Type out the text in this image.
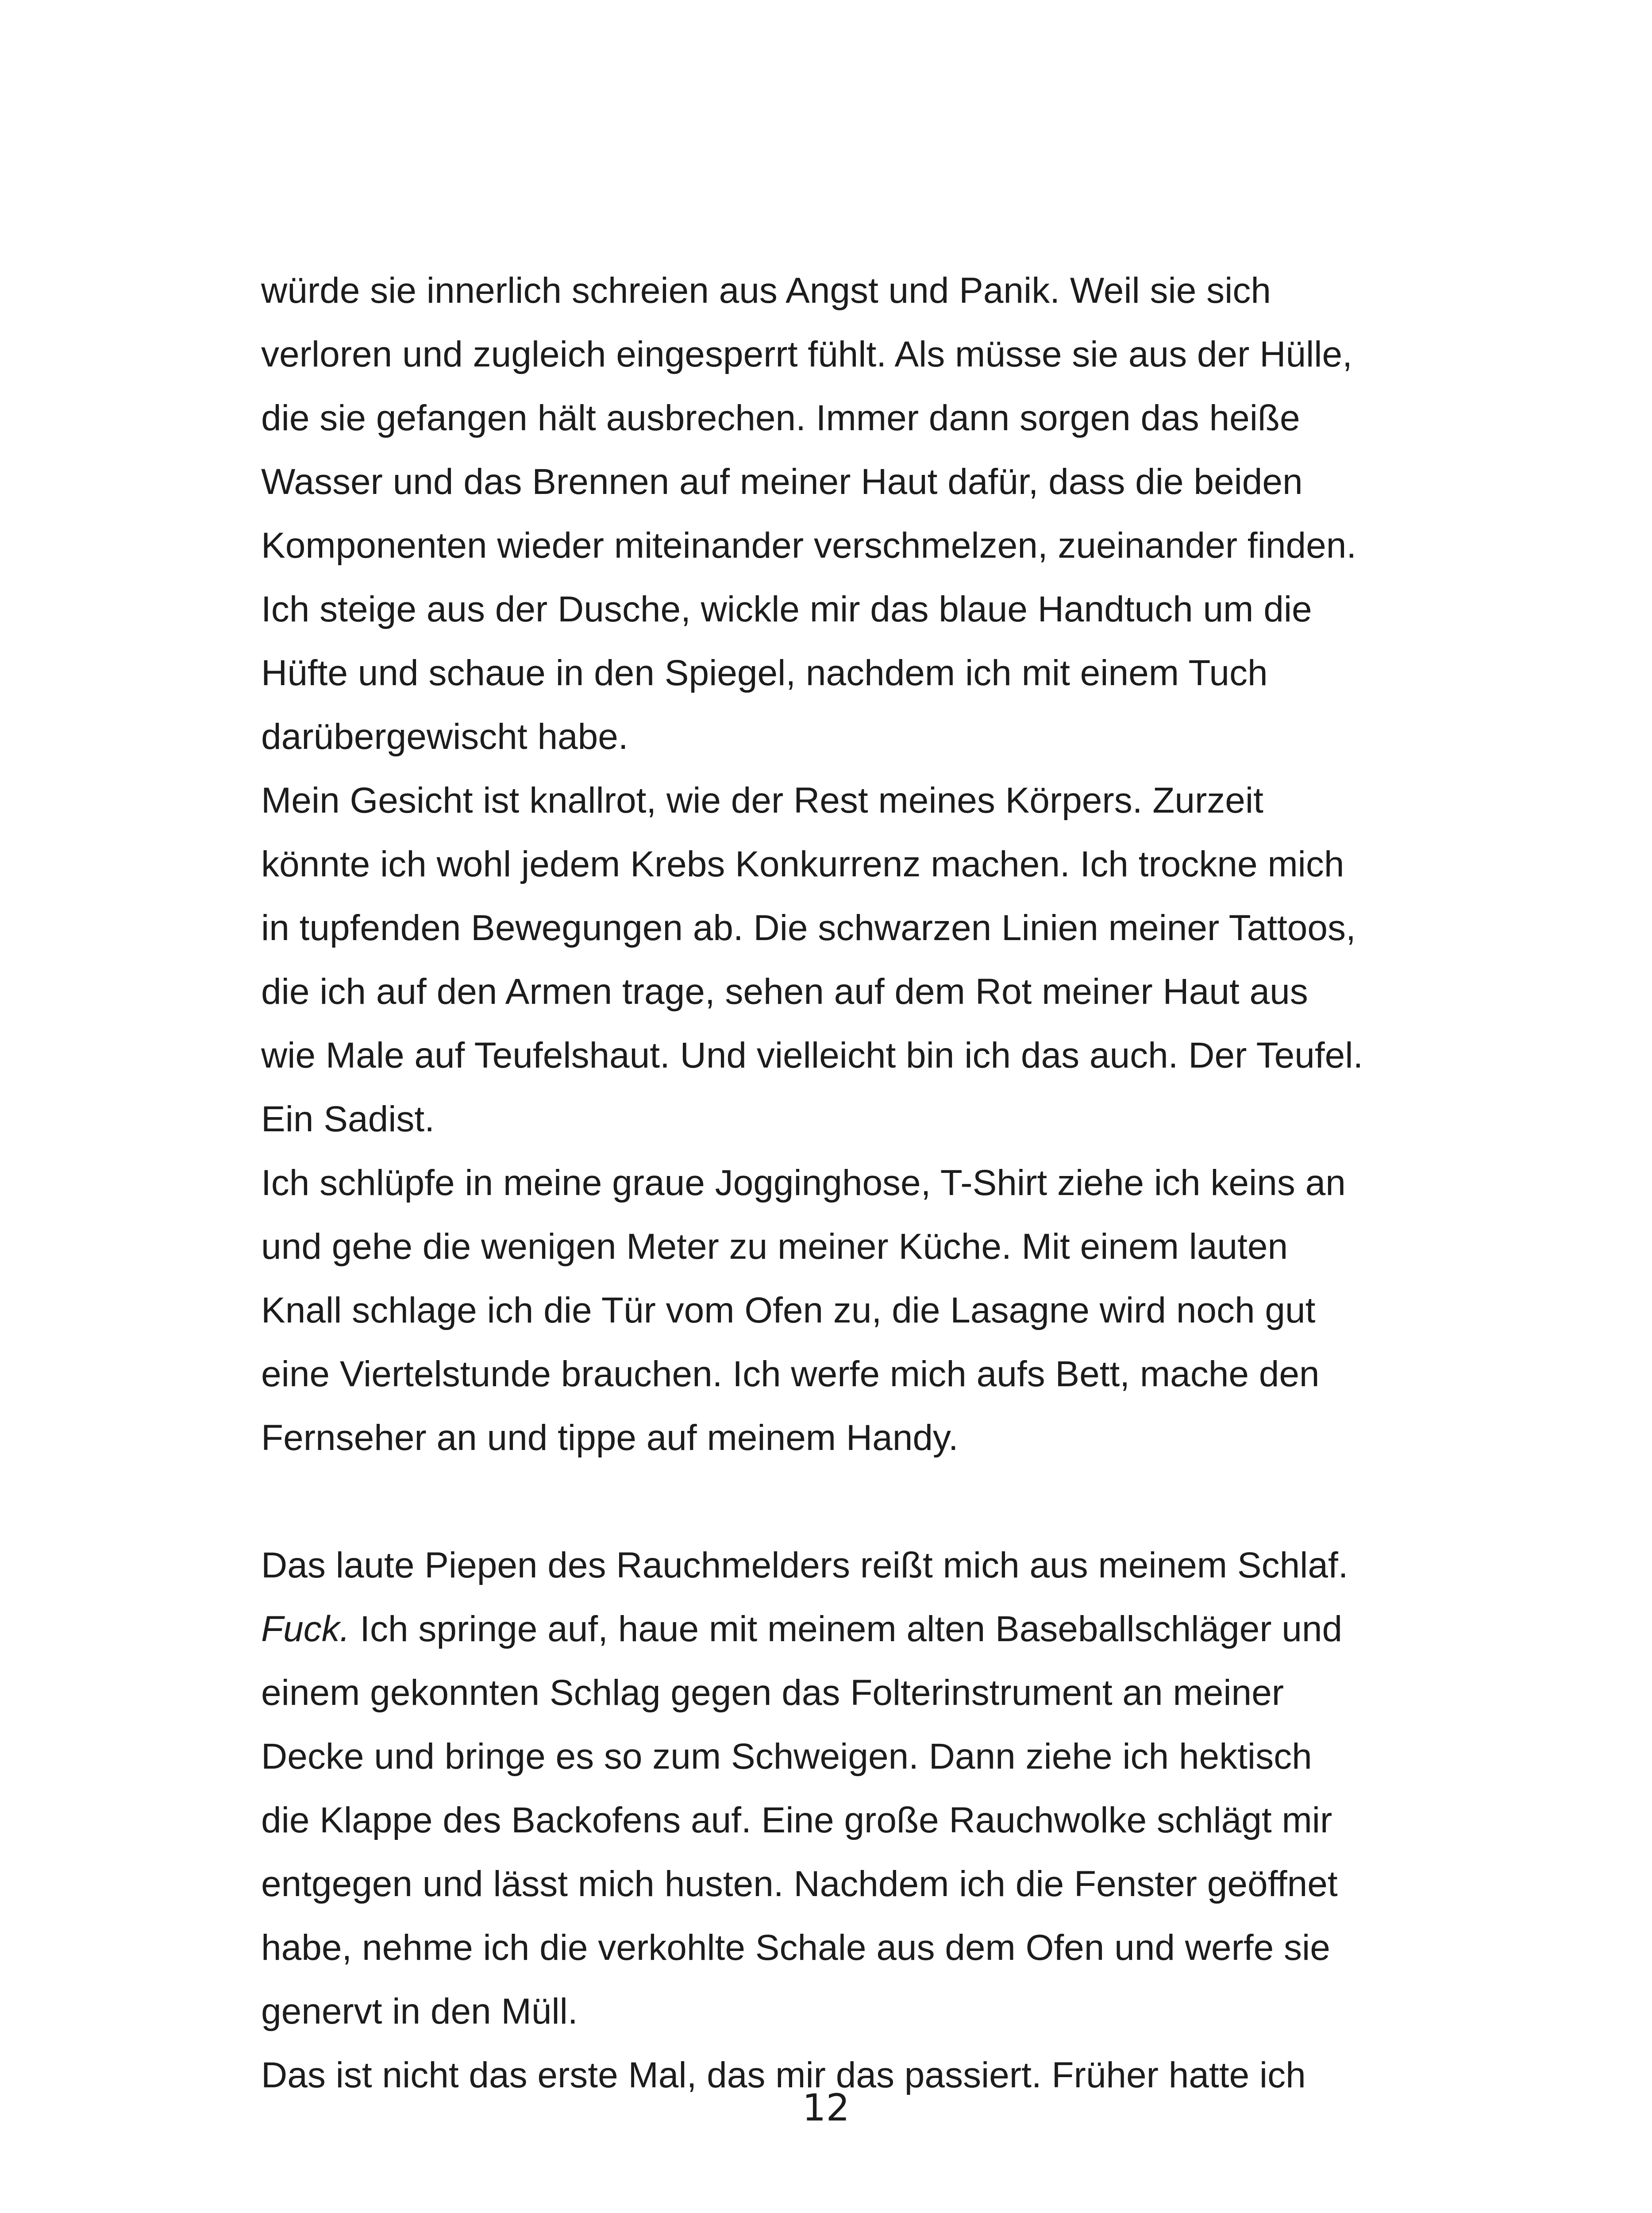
würde sie innerlich schreien aus Angst und Panik. Weil sie sich
verloren und zugleich eingesperrt fühlt. Als müsse sie aus der Hülle,
die sie gefangen hält ausbrechen. Immer dann sorgen das heiße
Wasser und das Brennen auf meiner Haut dafür, dass die beiden
Komponenten wieder miteinander verschmelzen, zueinander finden.
Ich steige aus der Dusche, wickle mir das blaue Handtuch um die
Hüfte und schaue in den Spiegel, nachdem ich mit einem Tuch
darübergewischt habe.
Mein Gesicht ist knallrot, wie der Rest meines Körpers. Zurzeit
könnte ich wohl jedem Krebs Konkurrenz machen. Ich trockne mich
in tupfenden Bewegungen ab. Die schwarzen Linien meiner Tattoos,
die ich auf den Armen trage, sehen auf dem Rot meiner Haut aus
wie Male auf Teufelshaut. Und vielleicht bin ich das auch. Der Teufel.
Ein Sadist.
Ich schlüpfe in meine graue Jogginghose, T-Shirt ziehe ich keins an
und gehe die wenigen Meter zu meiner Küche. Mit einem lauten
Knall schlage ich die Tür vom Ofen zu, die Lasagne wird noch gut
eine Viertelstunde brauchen. Ich werfe mich aufs Bett, mache den
Fernseher an und tippe auf meinem Handy.
Das laute Piepen des Rauchmelders reißt mich aus meinem Schlaf.
Fuck. Ich springe auf, haue mit meinem alten Baseballschläger und
einem gekonnten Schlag gegen das Folterinstrument an meiner
Decke und bringe es so zum Schweigen. Dann ziehe ich hektisch
die Klappe des Backofens auf. Eine große Rauchwolke schlägt mir
entgegen und lässt mich husten. Nachdem ich die Fenster geöffnet
habe, nehme ich die verkohlte Schale aus dem Ofen und werfe sie
genervt in den Müll.
Das ist nicht das erste Mal, das mir das passiert. Früher hatte ich
12
